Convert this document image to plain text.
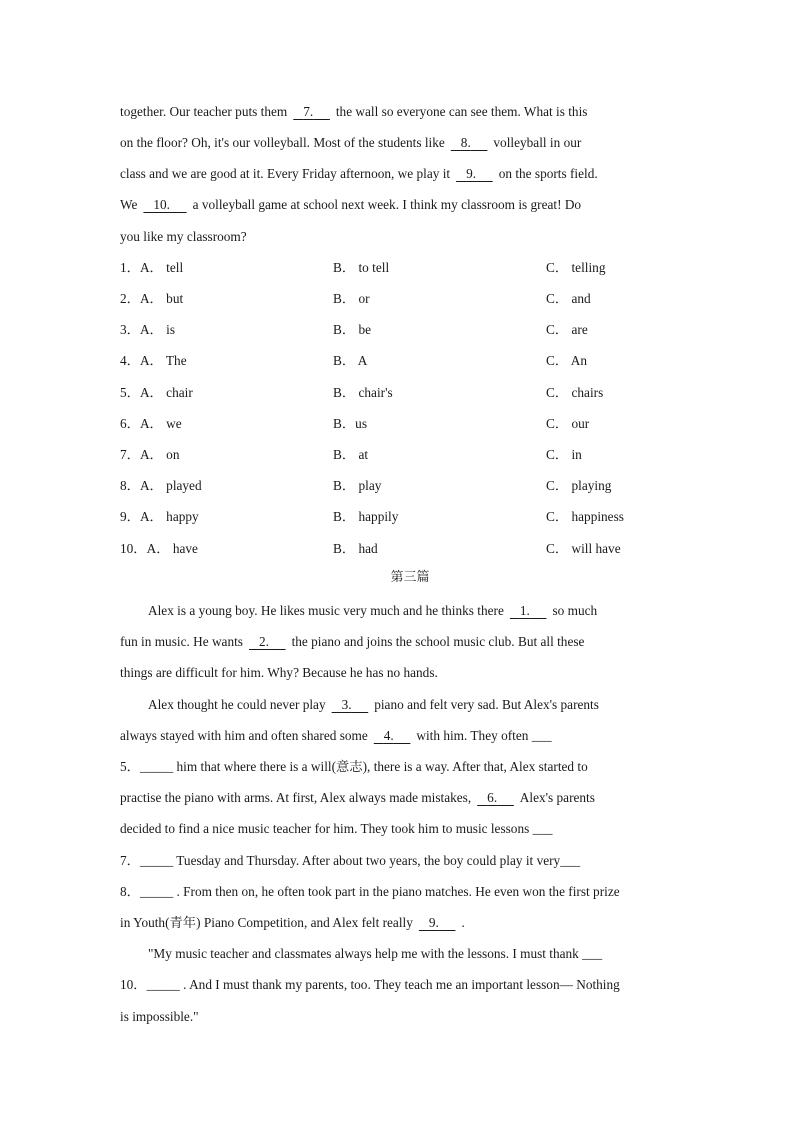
together. Our teacher puts them 7. the wall so everyone can see them. What is this
on the floor? Oh, it's our volleyball. Most of the students like 8. volleyball in our
class and we are good at it. Every Friday afternoon, we play it 9. on the sports field.
We 10. a volleyball game at school next week. I think my classroom is great! Do
you like my classroom?
1．A． tell	B． to tell	C． telling
2．A． but	B． or	C． and
3．A． is	B． be	C． are
4．A． The	B． A	C． An
5．A． chair	B． chair's	C． chairs
6．A． we	B．us	C． our
7．A． on	B． at	C． in
8．A． played	B． play	C． playing
9．A． happy	B． happily	C． happiness
10．A． have	B． had	C． will have
第三篇
Alex is a young boy. He likes music very much and he thinks there 1. so much
fun in music. He wants 2. the piano and joins the school music club. But all these
things are difficult for him. Why? Because he has no hands.
Alex thought he could never play 3. piano and felt very sad. But Alex's parents
always stayed with him and often shared some 4. with him. They often ___
5．_____ him that where there is a will(意志), there is a way. After that, Alex started to
practise the piano with arms. At first, Alex always made mistakes, 6. Alex's parents
decided to find a nice music teacher for him. They took him to music lessons ___
7．_____ Tuesday and Thursday. After about two years, the boy could play it very___
8．_____ . From then on, he often took part in the piano matches. He even won the first prize
in Youth(青年) Piano Competition, and Alex felt really 9. .
"My music teacher and classmates always help me with the lessons. I must thank ___
10．_____ . And I must thank my parents, too. They teach me an important lesson— Nothing
is impossible."
